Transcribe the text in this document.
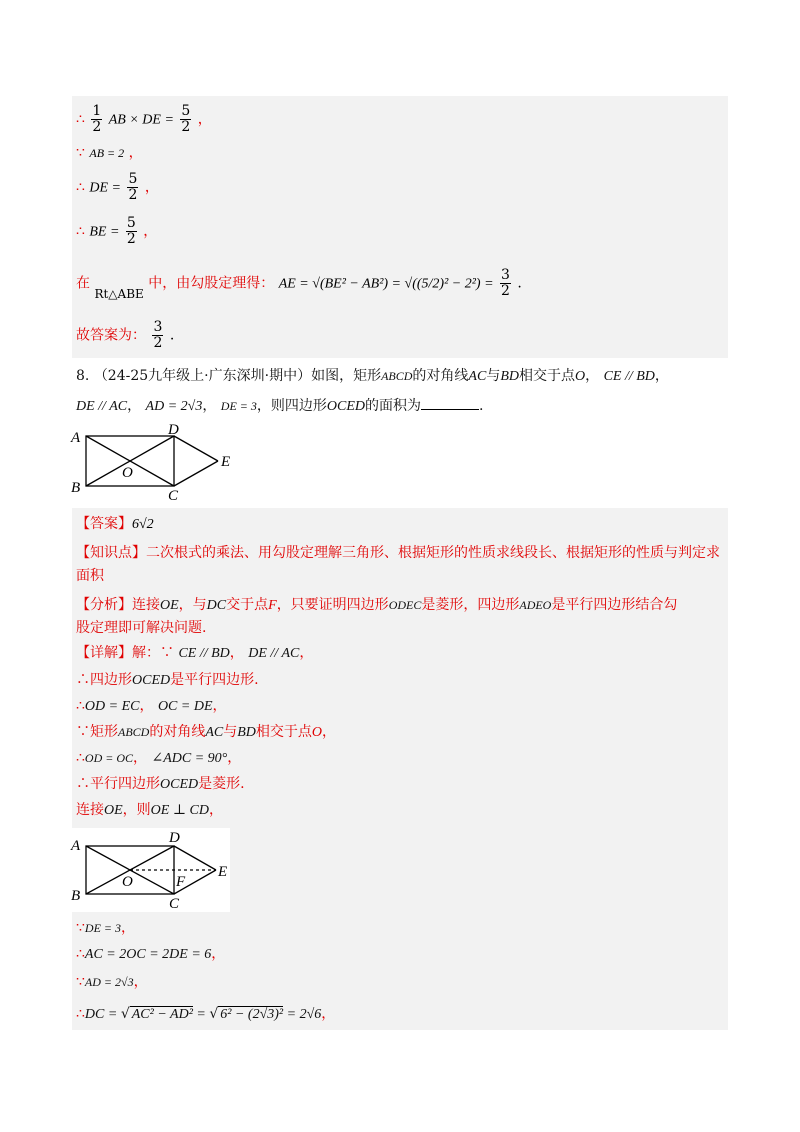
∴ $\frac{1}{2}$ AB × DE = $\frac{5}{2}$ ，
∵ AB = 2 ，
∴ DE = $\frac{5}{2}$ ，
∴ BE = $\frac{5}{2}$ ，
在 Rt△ABE 中，由勾股定理得： AE = $√(BE^2 - AB^2) = √((5/2)^2 - 2^2) = \frac{3}{2}$ .
故答案为： $\frac{3}{2}$ .
8. （24-25九年级上·广东深圳·期中）如图，矩形ABCD的对角线AC与BD相交于点O， CE // BD，
DE // AC， AD = 2√3， DE = 3，则四边形OCED的面积为	.
A
B
D
C
E
O
【答案】6√2
【知识点】二次根式的乘法、用勾股定理解三角形、根据矩形的性质求线段长、根据矩形的性质与判定求
面积
【分析】连接OE，与DC交于点F，只要证明四边形ODEC是菱形，四边形ADEO是平行四边形结合勾
股定理即可解决问题.
【详解】解：∵ CE // BD， DE // AC，
∴四边形OCED是平行四边形.
∴OD = EC， OC = DE，
∵矩形ABCD的对角线AC与BD相交于点O，
∴OD = OC， ∠ADC = 90°，
∴平行四边形OCED是菱形.
连接OE，则OE ⊥ CD，
A
B
D
C
E
O	F
∵DE = 3，
∴AC = 2OC = 2DE = 6，
∵AD = 2√3，
∴DC = √ AC² − AD² = √ 6² − (2√3)² = 2√6，
